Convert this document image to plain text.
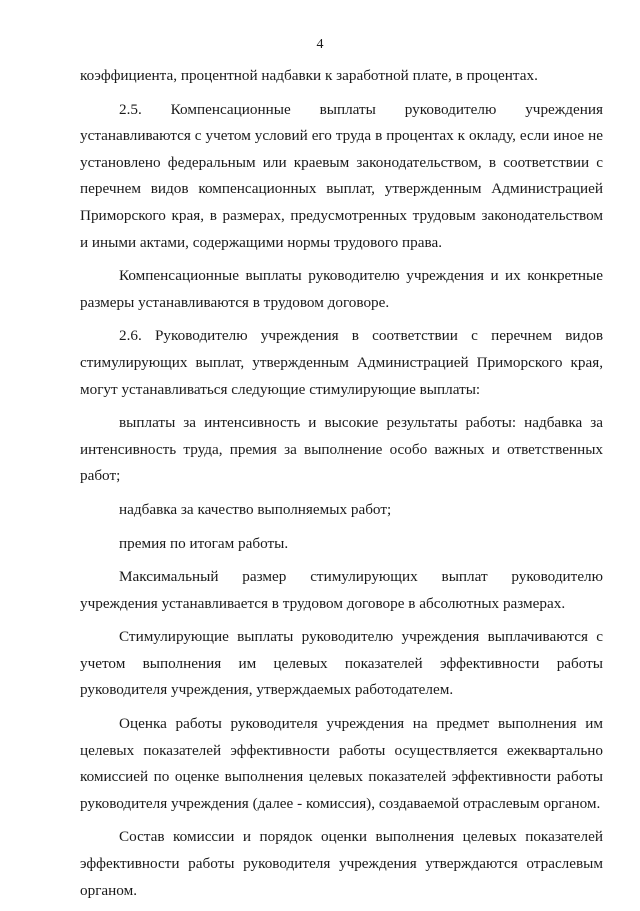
4

коэффициента, процентной надбавки к заработной плате, в процентах.

2.5. Компенсационные выплаты руководителю учреждения устанавливаются с учетом условий его труда в процентах к окладу, если иное не установлено федеральным или краевым законодательством, в соответствии с перечнем видов компенсационных выплат, утвержденным Администрацией Приморского края, в размерах, предусмотренных трудовым законодательством и иными актами, содержащими нормы трудового права.

Компенсационные выплаты руководителю учреждения и их конкретные размеры устанавливаются в трудовом договоре.

2.6. Руководителю учреждения в соответствии с перечнем видов стимулирующих выплат, утвержденным Администрацией Приморского края, могут устанавливаться следующие стимулирующие выплаты:

выплаты за интенсивность и высокие результаты работы: надбавка за интенсивность труда, премия за выполнение особо важных и ответственных работ;

надбавка за качество выполняемых работ;

премия по итогам работы.

Максимальный размер стимулирующих выплат руководителю учреждения устанавливается в трудовом договоре в абсолютных размерах.

Стимулирующие выплаты руководителю учреждения выплачиваются с учетом выполнения им целевых показателей эффективности работы руководителя учреждения, утверждаемых работодателем.

Оценка работы руководителя учреждения на предмет выполнения им целевых показателей эффективности работы осуществляется ежеквартально комиссией по оценке выполнения целевых показателей эффективности работы руководителя учреждения (далее - комиссия), создаваемой отраслевым органом.

Состав комиссии и порядок оценки выполнения целевых показателей эффективности работы руководителя учреждения утверждаются отраслевым органом.
